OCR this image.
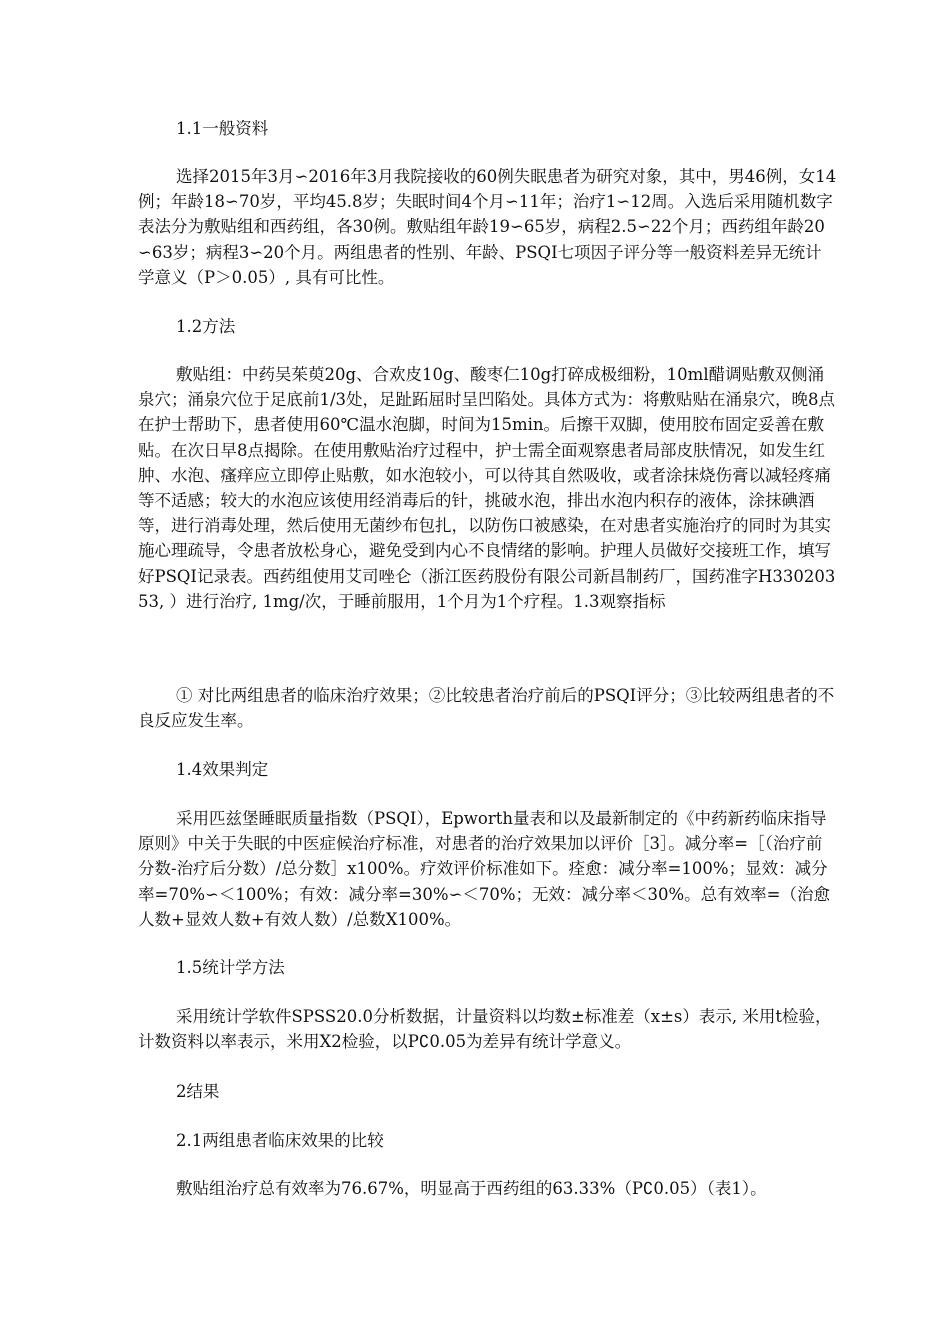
1.1一般资料
选择2015年3月∽2016年3月我院接收的60例失眠患者为研究对象，其中，男46例，女14例；年龄18∽70岁，平均45.8岁；失眠时间4个月∽11年；治疗1∽12周。入选后采用随机数字表法分为敷贴组和西药组，各30例。敷贴组年龄19∽65岁，病程2.5∽22个月；西药组年龄20∽63岁；病程3∽20个月。两组患者的性别、年龄、PSQI七项因子评分等一般资料差异无统计学意义（P＞0.05）, 具有可比性。
1.2方法
敷贴组：中药吴茱萸20g、合欢皮10g、酸枣仁10g打碎成极细粉，10ml醋调贴敷双侧涌泉穴；涌泉穴位于足底前1/3处，足趾跖屈时呈凹陷处。具体方式为：将敷贴贴在涌泉穴，晚8点在护士帮助下，患者使用60℃温水泡脚，时间为15min。后擦干双脚，使用胶布固定妥善在敷贴。在次日早8点揭除。在使用敷贴治疗过程中，护士需全面观察患者局部皮肤情况，如发生红肿、水泡、瘙痒应立即停止贴敷，如水泡较小，可以待其自然吸收，或者涂抹烧伤膏以减轻疼痛等不适感；较大的水泡应该使用经消毒后的针，挑破水泡，排出水泡内积存的液体，涂抹碘酒等，进行消毒处理，然后使用无菌纱布包扎，以防伤口被感染，在对患者实施治疗的同时为其实施心理疏导，令患者放松身心，避免受到内心不良情绪的影响。护理人员做好交接班工作，填写好PSQI记录表。西药组使用艾司唑仑（浙江医药股份有限公司新昌制药厂，国药准字H33020353, ）进行治疗, 1mg/次，于睡前服用，1个月为1个疗程。1.3观察指标
① 对比两组患者的临床治疗效果；②比较患者治疗前后的PSQI评分；③比较两组患者的不良反应发生率。
1.4效果判定
采用匹兹堡睡眠质量指数（PSQI），Epworth量表和以及最新制定的《中药新药临床指导原则》中关于失眠的中医症候治疗标准，对患者的治疗效果加以评价［3］。减分率=［（治疗前分数-治疗后分数）/总分数］x100%。疗效评价标准如下。痊愈：减分率=100%；显效：减分率=70%∽＜100%；有效：减分率=30%∽＜70%；无效：减分率＜30%。总有效率=（治愈人数+显效人数+有效人数）/总数X100%。
1.5统计学方法
采用统计学软件SPSS20.0分析数据，计量资料以均数±标准差（x±s）表示, 米用t检验，计数资料以率表示，米用X2检验，以P∁0.05为差异有统计学意义。
2结果
2.1两组患者临床效果的比较
敷贴组治疗总有效率为76.67%，明显高于西药组的63.33%（P∁0.05）（表1）。
